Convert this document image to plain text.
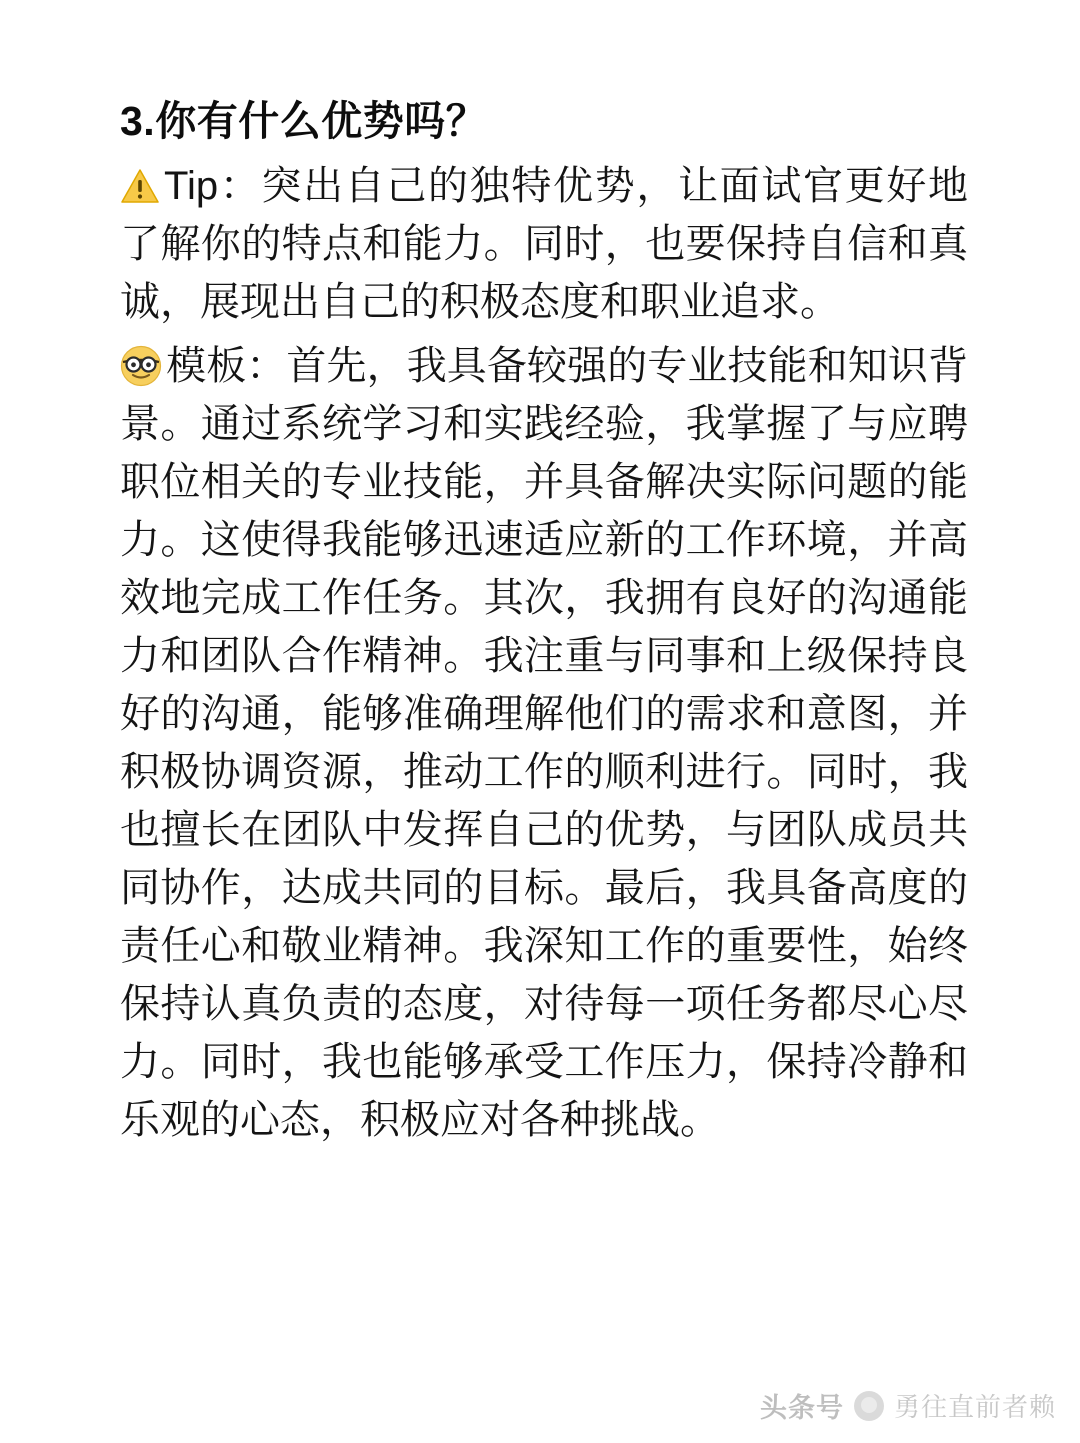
3.你有什么优势吗？

Tip：突出自己的独特优势，让面试官更好地了解你的特点和能力。同时，也要保持自信和真诚，展现出自己的积极态度和职业追求。

模板：首先，我具备较强的专业技能和知识背景。通过系统学习和实践经验，我掌握了与应聘职位相关的专业技能，并具备解决实际问题的能力。这使得我能够迅速适应新的工作环境，并高效地完成工作任务。其次，我拥有良好的沟通能力和团队合作精神。我注重与同事和上级保持良好的沟通，能够准确理解他们的需求和意图，并积极协调资源，推动工作的顺利进行。同时，我也擅长在团队中发挥自己的优势，与团队成员共同协作，达成共同的目标。最后，我具备高度的责任心和敬业精神。我深知工作的重要性，始终保持认真负责的态度，对待每一项任务都尽心尽力。同时，我也能够承受工作压力，保持冷静和乐观的心态，积极应对各种挑战。

头条号 勇往直前者赖
